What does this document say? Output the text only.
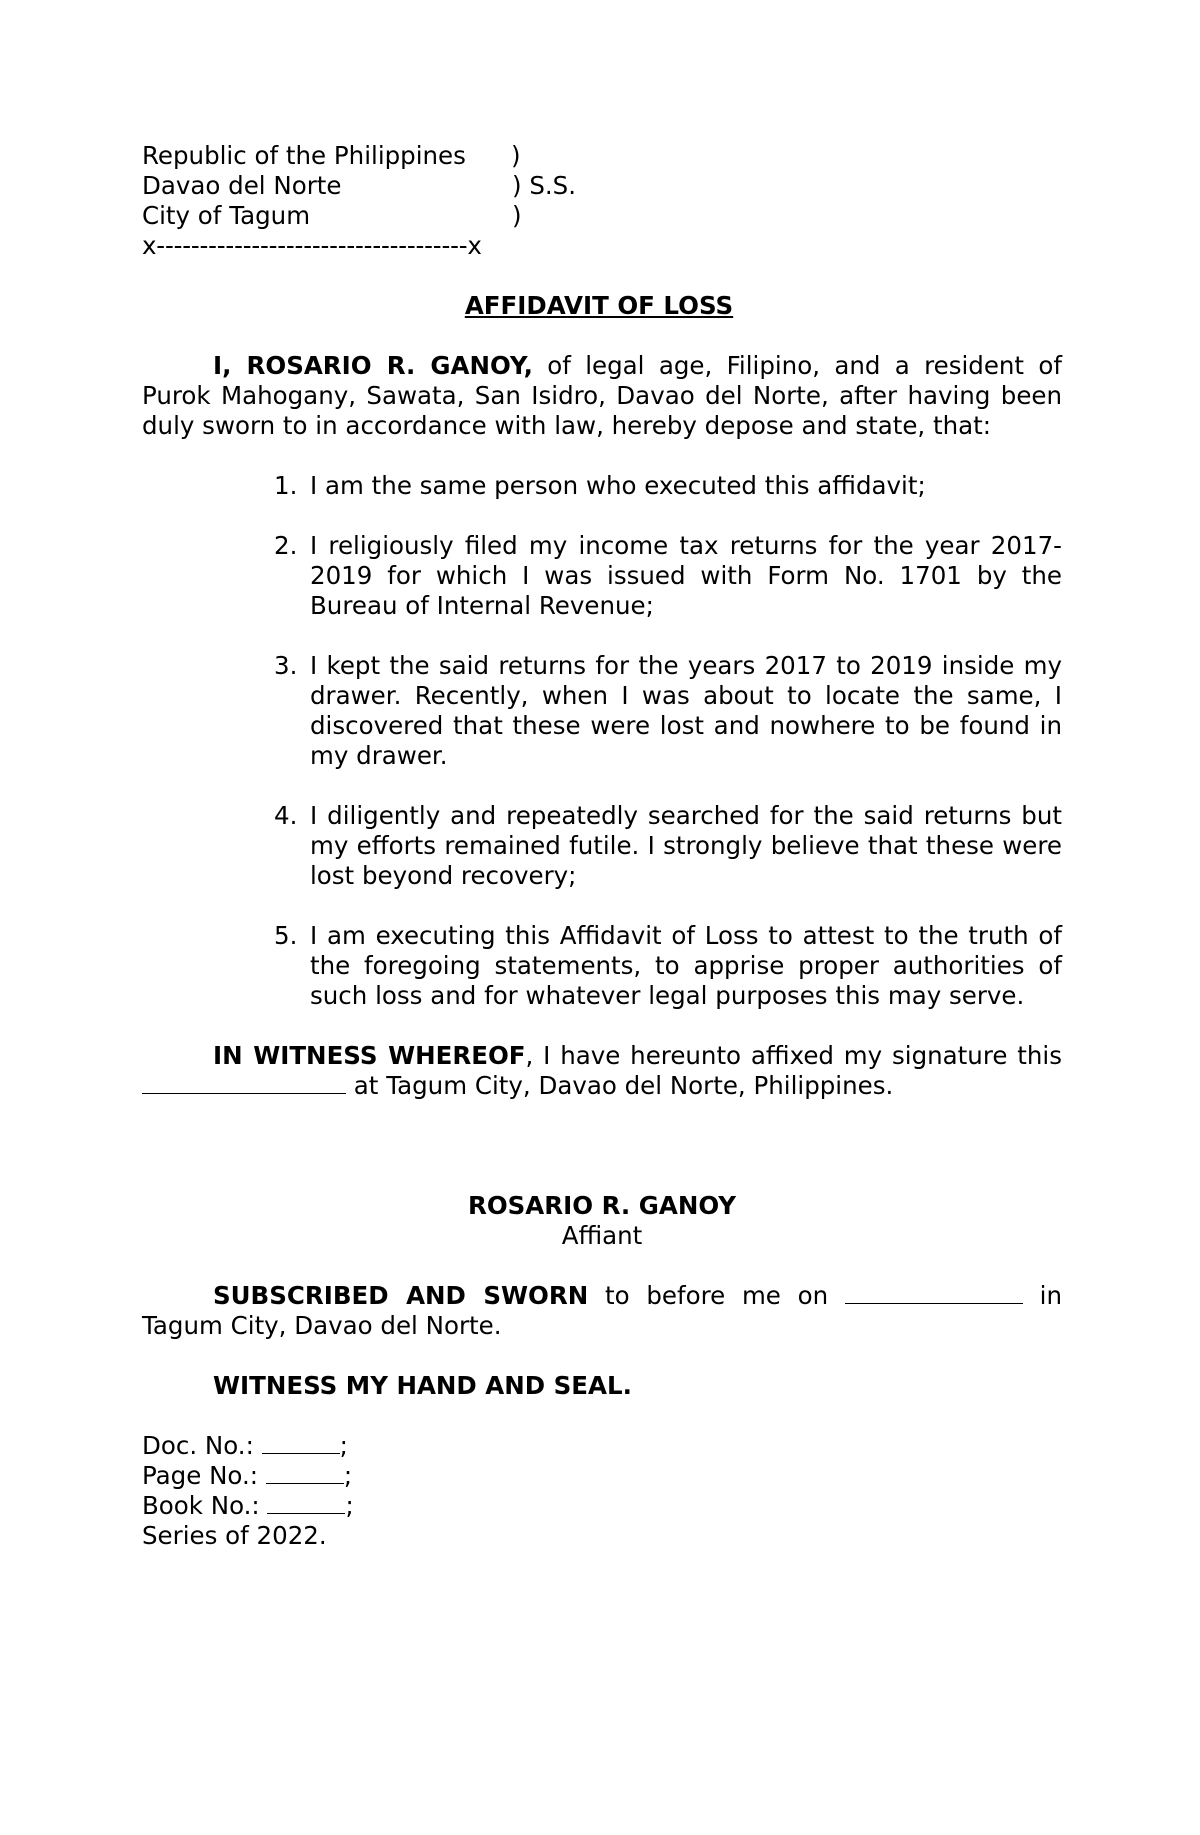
Republic of the Philippines	)
Davao del Norte	) S.S.
City of Tagum	)
x------------------------------------x
AFFIDAVIT OF LOSS
I, ROSARIO R. GANOY, of legal age, Filipino, and a resident of Purok Mahogany, Sawata, San Isidro, Davao del Norte, after having been duly sworn to in accordance with law, hereby depose and state, that:
1. I am the same person who executed this affidavit;
2. I religiously filed my income tax returns for the year 2017-2019 for which I was issued with Form No. 1701 by the Bureau of Internal Revenue;
3. I kept the said returns for the years 2017 to 2019 inside my drawer. Recently, when I was about to locate the same, I discovered that these were lost and nowhere to be found in my drawer.
4. I diligently and repeatedly searched for the said returns but my efforts remained futile. I strongly believe that these were lost beyond recovery;
5. I am executing this Affidavit of Loss to attest to the truth of the foregoing statements, to apprise proper authorities of such loss and for whatever legal purposes this may serve.
IN WITNESS WHEREOF, I have hereunto affixed my signature this  at Tagum City, Davao del Norte, Philippines.
ROSARIO R. GANOY
Affiant
SUBSCRIBED AND SWORN to before me on	in Tagum City, Davao del Norte.
WITNESS MY HAND AND SEAL.
Doc. No.:	;
Page No.:	;
Book No.:	;
Series of 2022.
